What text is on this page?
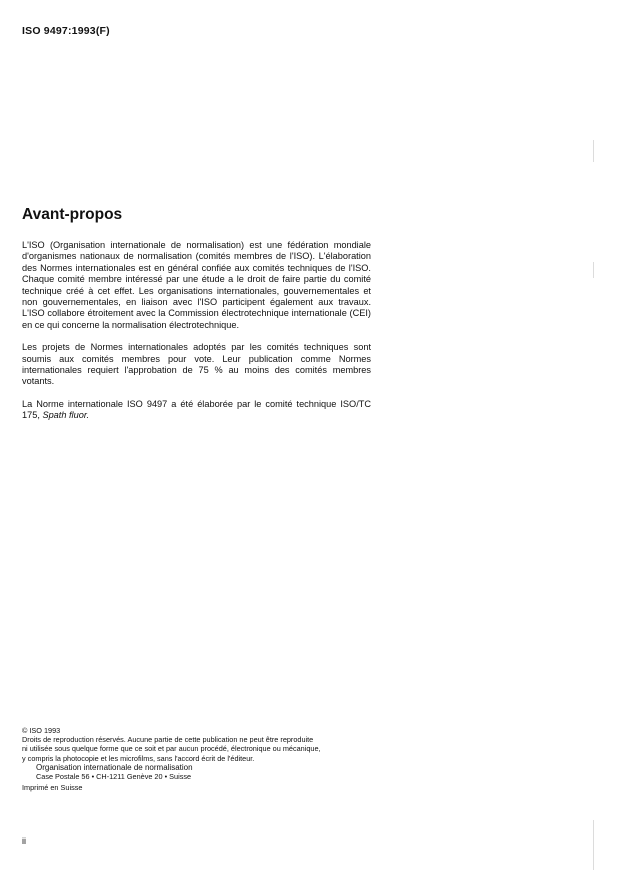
ISO 9497:1993(F)
Avant-propos

L'ISO (Organisation internationale de normalisation) est une fédération mondiale d'organismes nationaux de normalisation (comités membres de l'ISO). L'élaboration des Normes internationales est en général confiée aux comités techniques de l'ISO. Chaque comité membre intéressé par une étude a le droit de faire partie du comité technique créé à cet effet. Les organisations internationales, gouvernementales et non gouvernementales, en liaison avec l'ISO participent également aux travaux. L'ISO collabore étroitement avec la Commission électrotechnique internationale (CEI) en ce qui concerne la normalisation électrotechnique.

Les projets de Normes internationales adoptés par les comités techniques sont soumis aux comités membres pour vote. Leur publication comme Normes internationales requiert l'approbation de 75 % au moins des comités membres votants.

La Norme internationale ISO 9497 a été élaborée par le comité technique ISO/TC 175, Spath fluor.

© ISO 1993
Droits de reproduction réservés. Aucune partie de cette publication ne peut être reproduite
ni utilisée sous quelque forme que ce soit et par aucun procédé, électronique ou mécanique,
y compris la photocopie et les microfilms, sans l'accord écrit de l'éditeur.
Organisation internationale de normalisation
Case Postale 56 • CH-1211 Genève 20 • Suisse
Imprimé en Suisse
ii
